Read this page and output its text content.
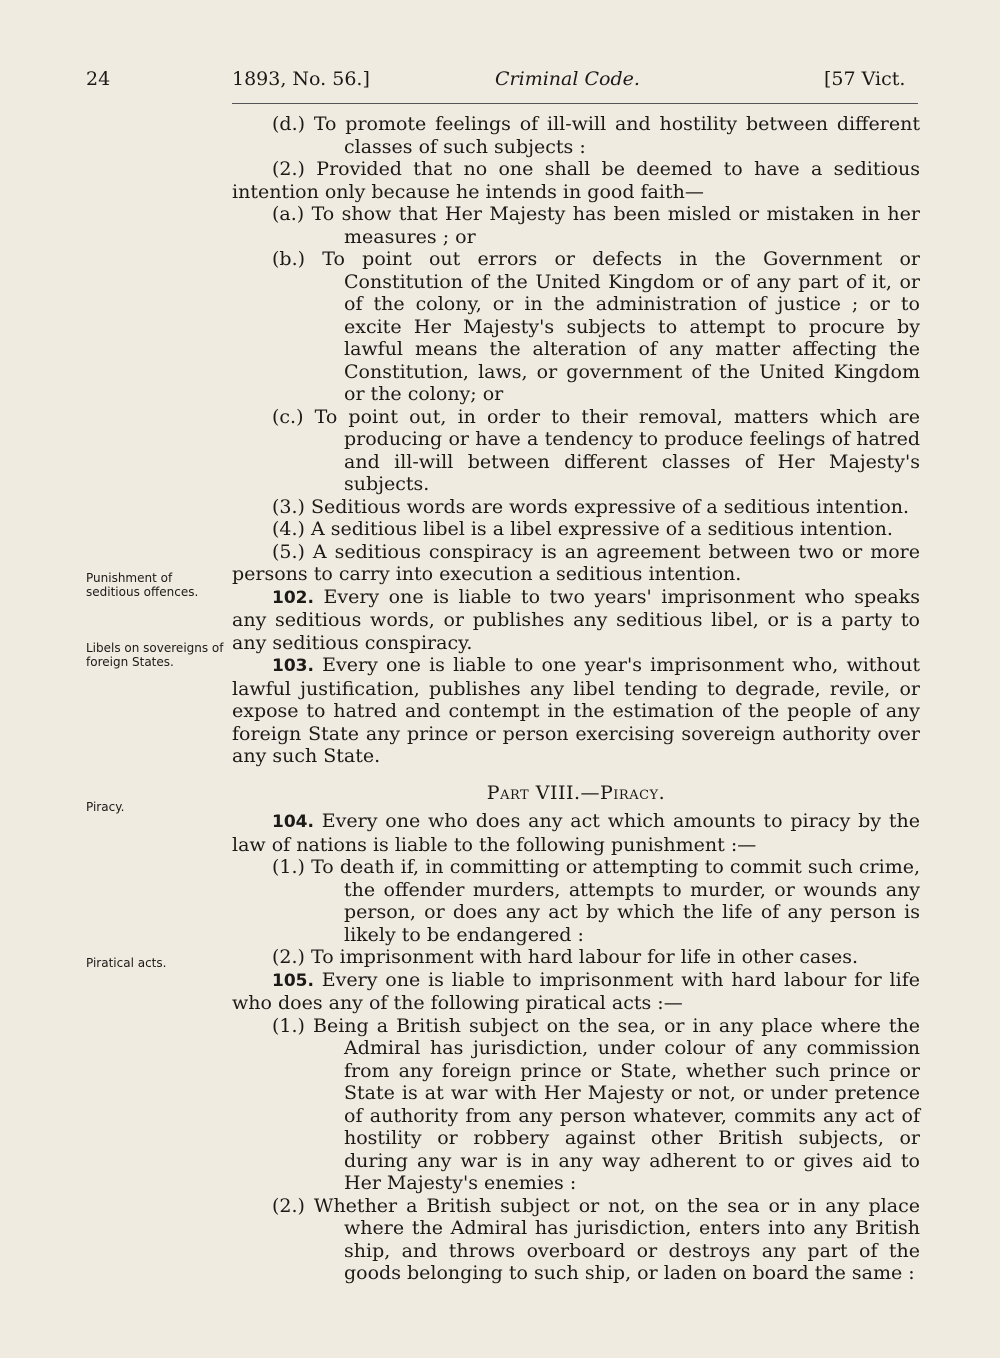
24	1893, No. 56.]	Criminal Code.	[57 Vict.
Punishment of seditious offences.
Libels on sovereigns of foreign States.
Piracy.
Piratical acts.

(d.) To promote feelings of ill-will and hostility between different classes of such subjects :

(2.) Provided that no one shall be deemed to have a seditious intention only because he intends in good faith—

(a.) To show that Her Majesty has been misled or mistaken in her measures ; or

(b.) To point out errors or defects in the Government or Constitution of the United Kingdom or of any part of it, or of the colony, or in the administration of justice ; or to excite Her Majesty's subjects to attempt to procure by lawful means the alteration of any matter affecting the Constitution, laws, or government of the United Kingdom or the colony; or

(c.) To point out, in order to their removal, matters which are producing or have a tendency to produce feelings of hatred and ill-will between different classes of Her Majesty's subjects.

(3.) Seditious words are words expressive of a seditious intention.

(4.) A seditious libel is a libel expressive of a seditious intention.

(5.) A seditious conspiracy is an agreement between two or more persons to carry into execution a seditious intention.

102. Every one is liable to two years' imprisonment who speaks any seditious words, or publishes any seditious libel, or is a party to any seditious conspiracy.

103. Every one is liable to one year's imprisonment who, without lawful justification, publishes any libel tending to degrade, revile, or expose to hatred and contempt in the estimation of the people of any foreign State any prince or person exercising sovereign authority over any such State.

Part VIII.—Piracy.

104. Every one who does any act which amounts to piracy by the law of nations is liable to the following punishment :—

(1.) To death if, in committing or attempting to commit such crime, the offender murders, attempts to murder, or wounds any person, or does any act by which the life of any person is likely to be endangered :

(2.) To imprisonment with hard labour for life in other cases.

105. Every one is liable to imprisonment with hard labour for life who does any of the following piratical acts :—

(1.) Being a British subject on the sea, or in any place where the Admiral has jurisdiction, under colour of any commission from any foreign prince or State, whether such prince or State is at war with Her Majesty or not, or under pretence of authority from any person whatever, commits any act of hostility or robbery against other British subjects, or during any war is in any way adherent to or gives aid to Her Majesty's enemies :

(2.) Whether a British subject or not, on the sea or in any place where the Admiral has jurisdiction, enters into any British ship, and throws overboard or destroys any part of the goods belonging to such ship, or laden on board the same :
